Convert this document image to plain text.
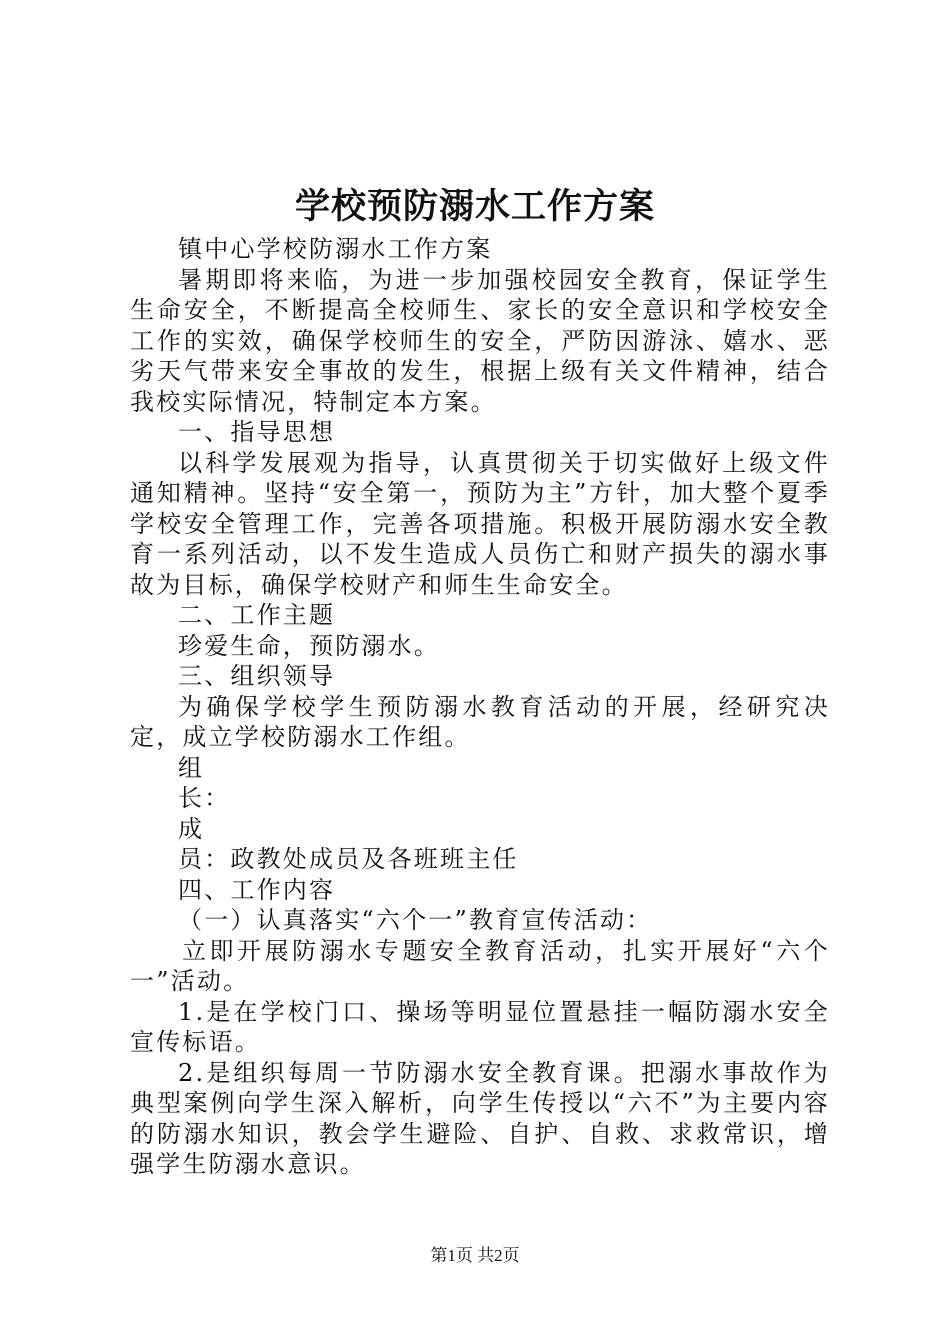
学校预防溺水工作方案

镇中心学校防溺水工作方案

暑期即将来临，为进一步加强校园安全教育，保证学生生命安全，不断提高全校师生、家长的安全意识和学校安全工作的实效，确保学校师生的安全，严防因游泳、嬉水、恶劣天气带来安全事故的发生，根据上级有关文件精神，结合我校实际情况，特制定本方案。

一、指导思想

以科学发展观为指导，认真贯彻关于切实做好上级文件通知精神。坚持“安全第一，预防为主”方针，加大整个夏季学校安全管理工作，完善各项措施。积极开展防溺水安全教育一系列活动，以不发生造成人员伤亡和财产损失的溺水事故为目标，确保学校财产和师生生命安全。

二、工作主题

珍爱生命，预防溺水。

三、组织领导

为确保学校学生预防溺水教育活动的开展，经研究决定，成立学校防溺水工作组。

组

长：

成

员：政教处成员及各班班主任

四、工作内容

（一）认真落实“六个一”教育宣传活动：

立即开展防溺水专题安全教育活动，扎实开展好“六个一”活动。

1.是在学校门口、操场等明显位置悬挂一幅防溺水安全宣传标语。

2.是组织每周一节防溺水安全教育课。把溺水事故作为典型案例向学生深入解析，向学生传授以“六不”为主要内容的防溺水知识，教会学生避险、自护、自救、求救常识，增强学生防溺水意识。

第1页 共2页
